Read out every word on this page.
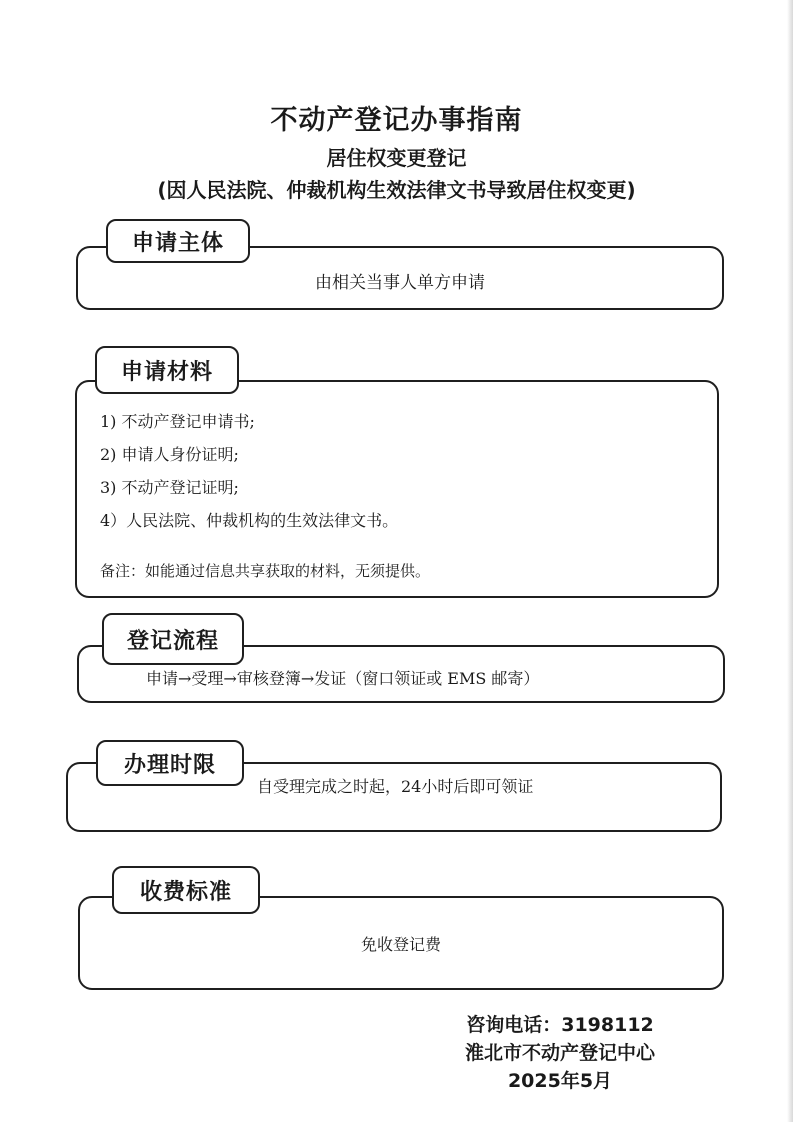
不动产登记办事指南
居住权变更登记
(因人民法院、仲裁机构生效法律文书导致居住权变更)
申请主体
由相关当事人单方申请
申请材料
1) 不动产登记申请书;
2) 申请人身份证明;
3) 不动产登记证明;
4）人民法院、仲裁机构的生效法律文书。
备注：如能通过信息共享获取的材料，无须提供。
登记流程
申请→受理→审核登簿→发证（窗口领证或 EMS 邮寄）
办理时限
自受理完成之时起，24小时后即可领证
收费标准
免收登记费
咨询电话：3198112
淮北市不动产登记中心
2025年5月
